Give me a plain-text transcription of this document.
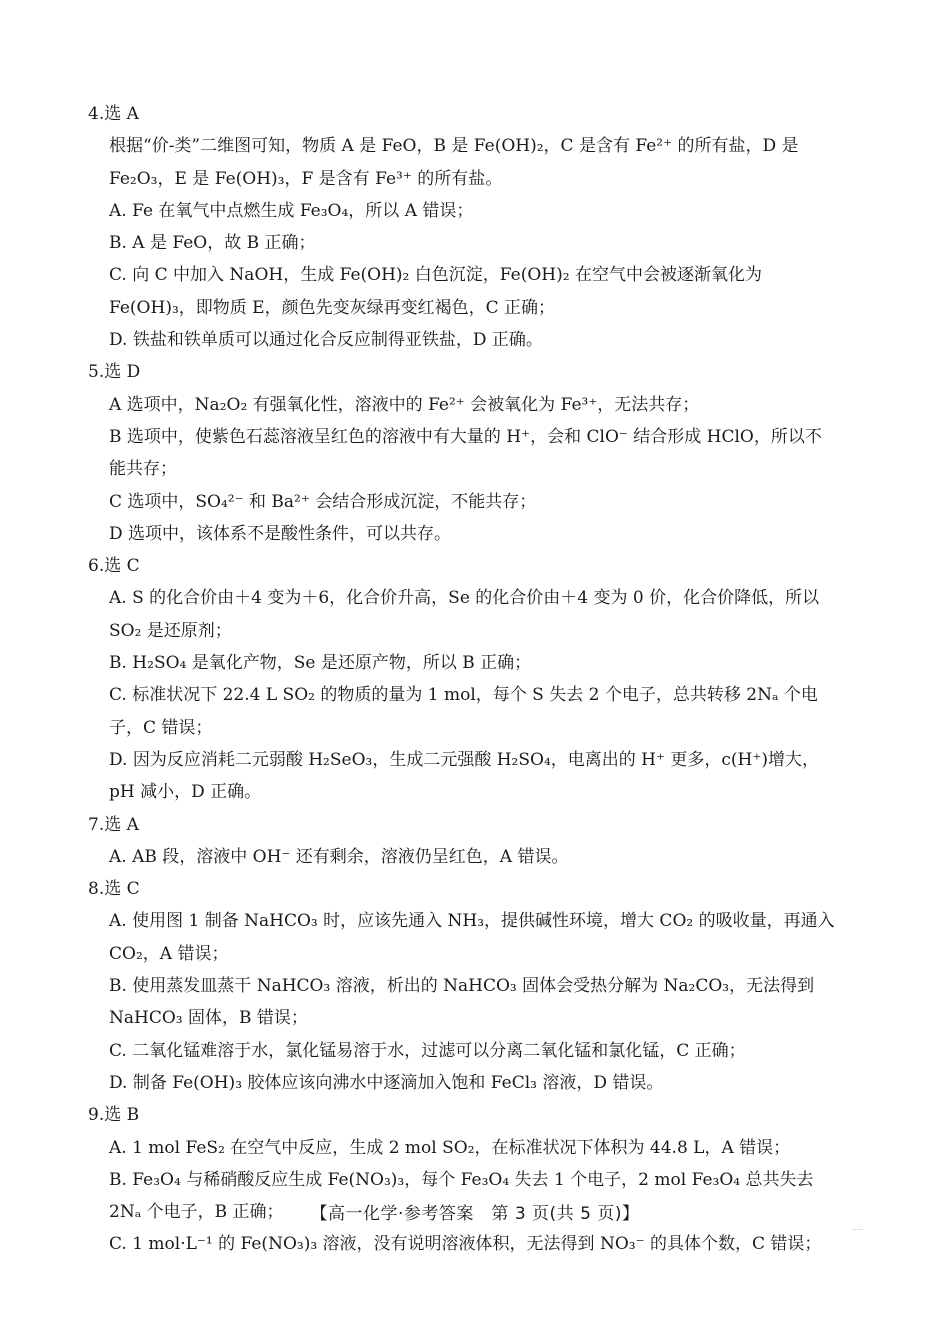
4.选 A
根据“价-类”二维图可知，物质 A 是 FeO，B 是 Fe(OH)₂，C 是含有 Fe²⁺ 的所有盐，D 是
Fe₂O₃，E 是 Fe(OH)₃，F 是含有 Fe³⁺ 的所有盐。
A. Fe 在氧气中点燃生成 Fe₃O₄，所以 A 错误；
B. A 是 FeO，故 B 正确；
C. 向 C 中加入 NaOH，生成 Fe(OH)₂ 白色沉淀，Fe(OH)₂ 在空气中会被逐渐氧化为
Fe(OH)₃，即物质 E，颜色先变灰绿再变红褐色，C 正确；
D. 铁盐和铁单质可以通过化合反应制得亚铁盐，D 正确。
5.选 D
A 选项中，Na₂O₂ 有强氧化性，溶液中的 Fe²⁺ 会被氧化为 Fe³⁺，无法共存；
B 选项中，使紫色石蕊溶液呈红色的溶液中有大量的 H⁺，会和 ClO⁻ 结合形成 HClO，所以不
能共存；
C 选项中，SO₄²⁻ 和 Ba²⁺ 会结合形成沉淀，不能共存；
D 选项中，该体系不是酸性条件，可以共存。
6.选 C
A. S 的化合价由＋4 变为＋6，化合价升高，Se 的化合价由＋4 变为 0 价，化合价降低，所以
SO₂ 是还原剂；
B. H₂SO₄ 是氧化产物，Se 是还原产物，所以 B 正确；
C. 标准状况下 22.4 L SO₂ 的物质的量为 1 mol，每个 S 失去 2 个电子，总共转移 2Nₐ 个电
子，C 错误；
D. 因为反应消耗二元弱酸 H₂SeO₃，生成二元强酸 H₂SO₄，电离出的 H⁺ 更多，c(H⁺)增大，
pH 减小，D 正确。
7.选 A
A. AB 段，溶液中 OH⁻ 还有剩余，溶液仍呈红色，A 错误。
8.选 C
A. 使用图 1 制备 NaHCO₃ 时，应该先通入 NH₃，提供碱性环境，增大 CO₂ 的吸收量，再通入
CO₂，A 错误；
B. 使用蒸发皿蒸干 NaHCO₃ 溶液，析出的 NaHCO₃ 固体会受热分解为 Na₂CO₃，无法得到
NaHCO₃ 固体，B 错误；
C. 二氧化锰难溶于水，氯化锰易溶于水，过滤可以分离二氧化锰和氯化锰，C 正确；
D. 制备 Fe(OH)₃ 胶体应该向沸水中逐滴加入饱和 FeCl₃ 溶液，D 错误。
9.选 B
A. 1 mol FeS₂ 在空气中反应，生成 2 mol SO₂，在标准状况下体积为 44.8 L，A 错误；
B. Fe₃O₄ 与稀硝酸反应生成 Fe(NO₃)₃，每个 Fe₃O₄ 失去 1 个电子，2 mol Fe₃O₄ 总共失去
2Nₐ 个电子，B 正确；
C. 1 mol·L⁻¹ 的 Fe(NO₃)₃ 溶液，没有说明溶液体积，无法得到 NO₃⁻ 的具体个数，C 错误；
【高一化学·参考答案　第 3 页(共 5 页)】
·····
